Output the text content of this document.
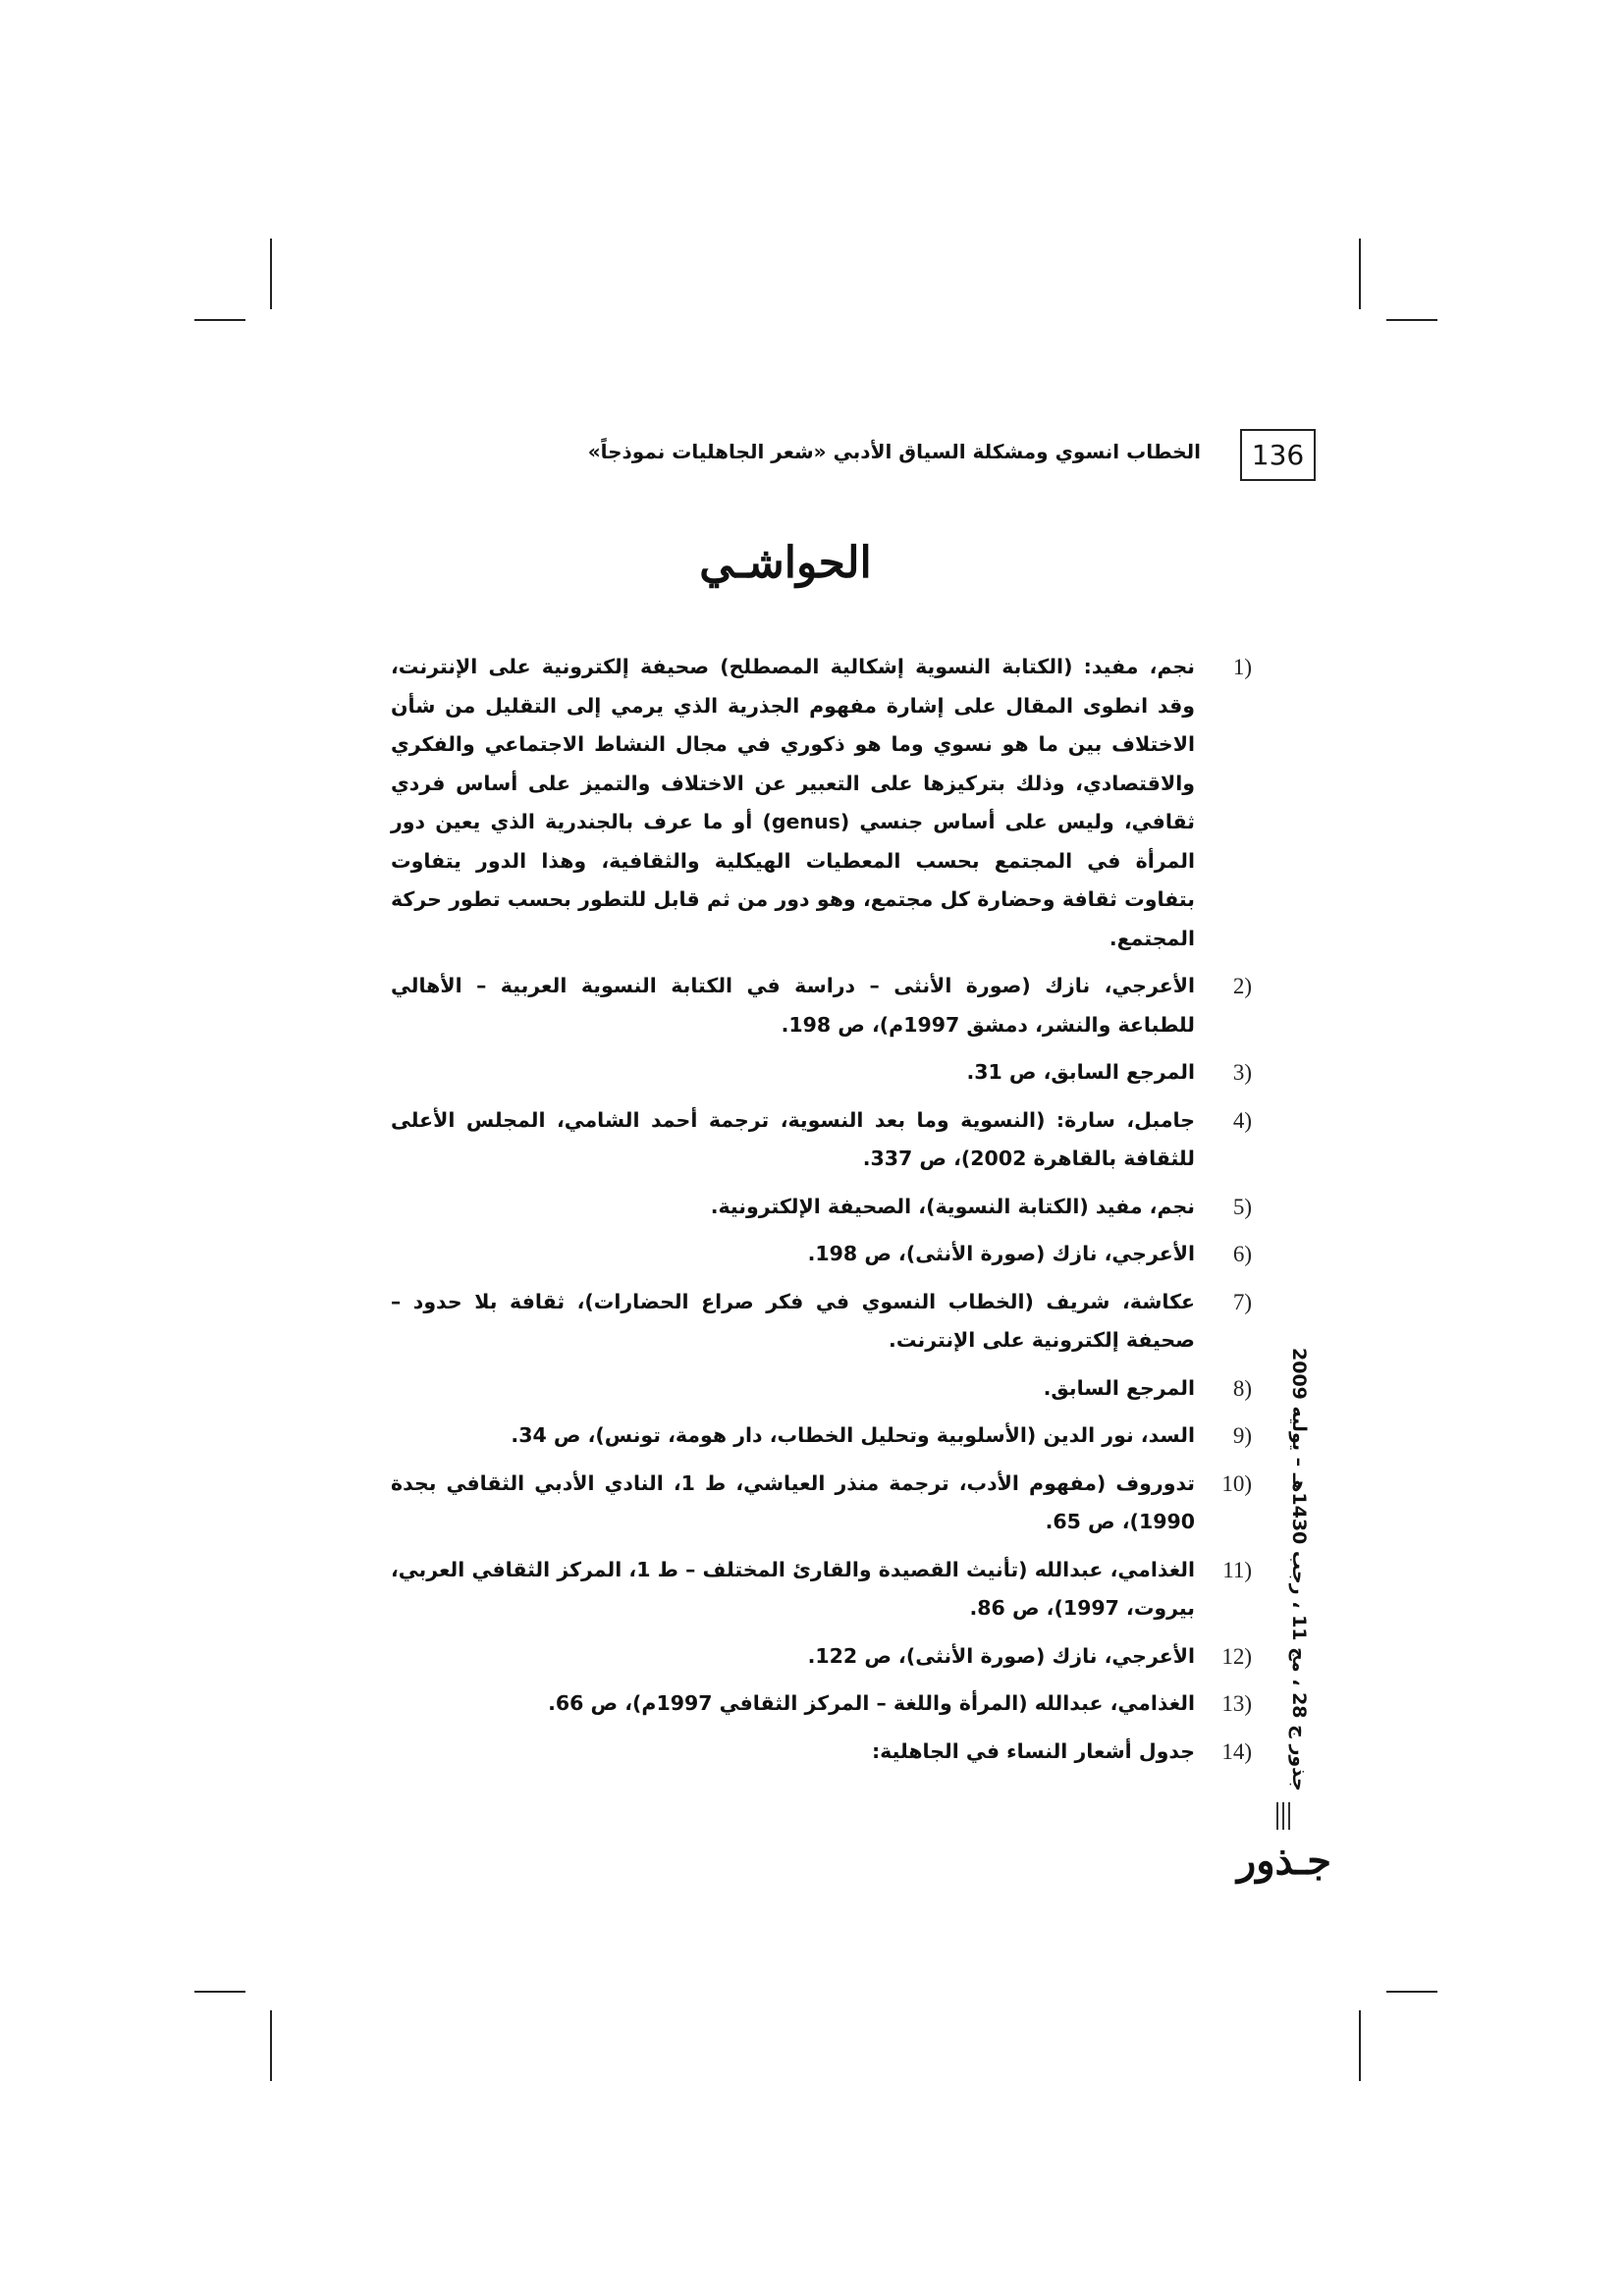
136
الخطاب انسوي ومشكلة السياق الأدبي «شعر الجاهليات نموذجاً»
الحواشـي
1)
نجم، مفيد: (الكتابة النسوية إشكالية المصطلح) صحيفة إلكترونية على الإنترنت، وقد انطوى المقال على إشارة مفهوم الجذرية الذي يرمي إلى التقليل من شأن الاختلاف بين ما هو نسوي وما هو ذكوري في مجال النشاط الاجتماعي والفكري والاقتصادي، وذلك بتركيزها على التعبير عن الاختلاف والتميز على أساس فردي ثقافي، وليس على أساس جنسي (genus) أو ما عرف بالجندرية الذي يعين دور المرأة في المجتمع بحسب المعطيات الهيكلية والثقافية، وهذا الدور يتفاوت بتفاوت ثقافة وحضارة كل مجتمع، وهو دور من ثم قابل للتطور بحسب تطور حركة المجتمع.
2)
الأعرجي، نازك (صورة الأنثى – دراسة في الكتابة النسوية العربية – الأهالي للطباعة والنشر، دمشق 1997م)، ص 198.
3)
المرجع السابق، ص 31.
4)
جامبل، سارة: (النسوية وما بعد النسوية، ترجمة أحمد الشامي، المجلس الأعلى للثقافة بالقاهرة 2002)، ص 337.
5)
نجم، مفيد (الكتابة النسوية)، الصحيفة الإلكترونية.
6)
الأعرجي، نازك (صورة الأنثى)، ص 198.
7)
عكاشة، شريف (الخطاب النسوي في فكر صراع الحضارات)، ثقافة بلا حدود – صحيفة إلكترونية على الإنترنت.
8)
المرجع السابق.
9)
السد، نور الدين (الأسلوبية وتحليل الخطاب، دار هومة، تونس)، ص 34.
10)
تدوروف (مفهوم الأدب، ترجمة منذر العياشي، ط 1، النادي الأدبي الثقافي بجدة 1990)، ص 65.
11)
الغذامي، عبدالله (تأنيث القصيدة والقارئ المختلف – ط 1، المركز الثقافي العربي، بيروت، 1997)، ص 86.
12)
الأعرجي، نازك (صورة الأنثى)، ص 122.
13)
الغذامي، عبدالله (المرأة واللغة – المركز الثقافي 1997م)، ص 66.
14)
جدول أشعار النساء في الجاهلية:
جذور ج 28 ، مج 11 ، رجب 1430هـ – يوليه 2009
جـذور
